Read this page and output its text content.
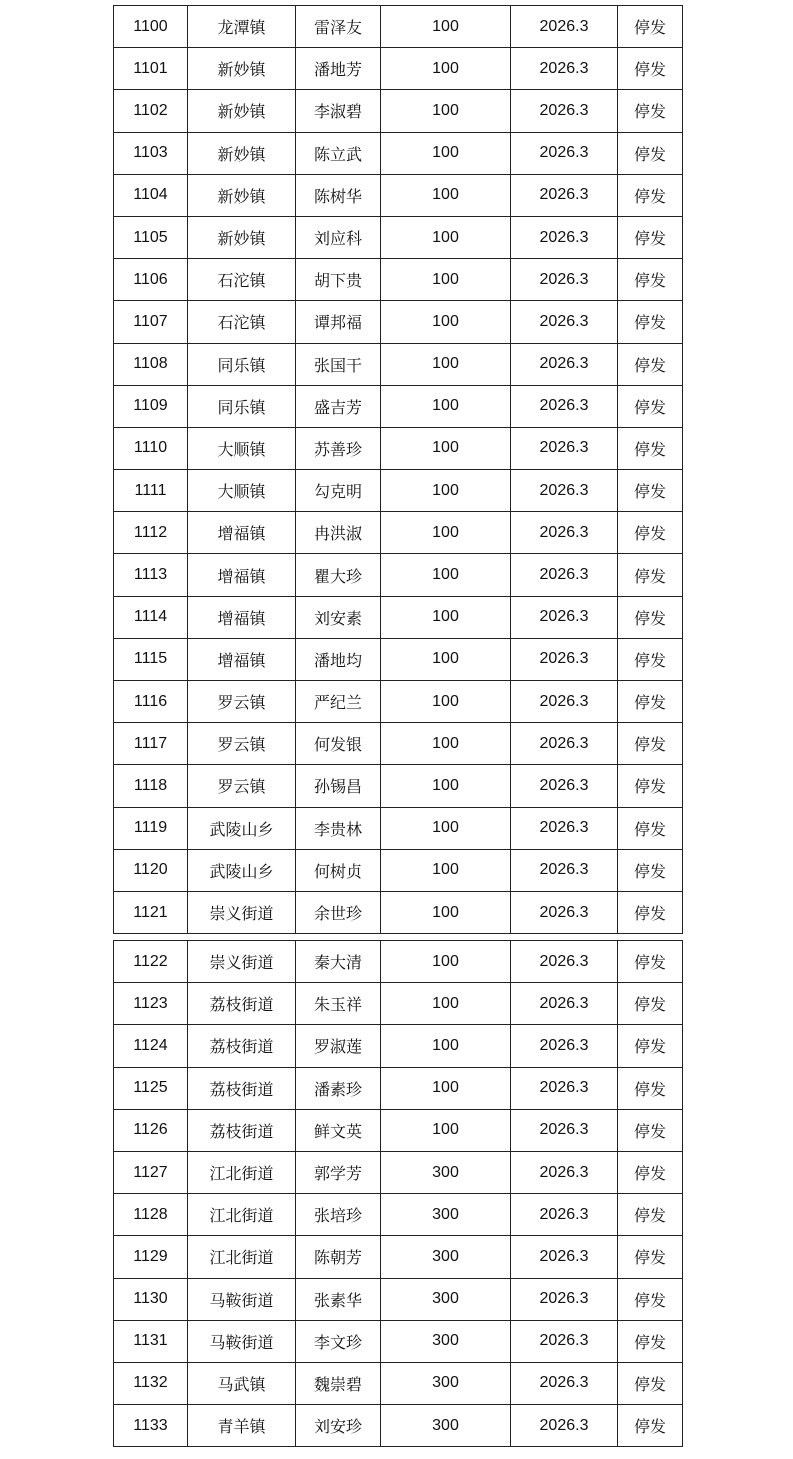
1100	龙潭镇	雷泽友	100	2026.3	停发
1101	新妙镇	潘地芳	100	2026.3	停发
1102	新妙镇	李淑碧	100	2026.3	停发
1103	新妙镇	陈立武	100	2026.3	停发
1104	新妙镇	陈树华	100	2026.3	停发
1105	新妙镇	刘应科	100	2026.3	停发
1106	石沱镇	胡下贵	100	2026.3	停发
1107	石沱镇	谭邦福	100	2026.3	停发
1108	同乐镇	张国干	100	2026.3	停发
1109	同乐镇	盛吉芳	100	2026.3	停发
1110	大顺镇	苏善珍	100	2026.3	停发
1111	大顺镇	勾克明	100	2026.3	停发
1112	增福镇	冉洪淑	100	2026.3	停发
1113	增福镇	瞿大珍	100	2026.3	停发
1114	增福镇	刘安素	100	2026.3	停发
1115	增福镇	潘地均	100	2026.3	停发
1116	罗云镇	严纪兰	100	2026.3	停发
1117	罗云镇	何发银	100	2026.3	停发
1118	罗云镇	孙锡昌	100	2026.3	停发
1119	武陵山乡	李贵林	100	2026.3	停发
1120	武陵山乡	何树贞	100	2026.3	停发
1121	崇义街道	余世珍	100	2026.3	停发
1122	崇义街道	秦大清	100	2026.3	停发
1123	荔枝街道	朱玉祥	100	2026.3	停发
1124	荔枝街道	罗淑莲	100	2026.3	停发
1125	荔枝街道	潘素珍	100	2026.3	停发
1126	荔枝街道	鲜文英	100	2026.3	停发
1127	江北街道	郭学芳	300	2026.3	停发
1128	江北街道	张培珍	300	2026.3	停发
1129	江北街道	陈朝芳	300	2026.3	停发
1130	马鞍街道	张素华	300	2026.3	停发
1131	马鞍街道	李文珍	300	2026.3	停发
1132	马武镇	魏崇碧	300	2026.3	停发
1133	青羊镇	刘安珍	300	2026.3	停发
